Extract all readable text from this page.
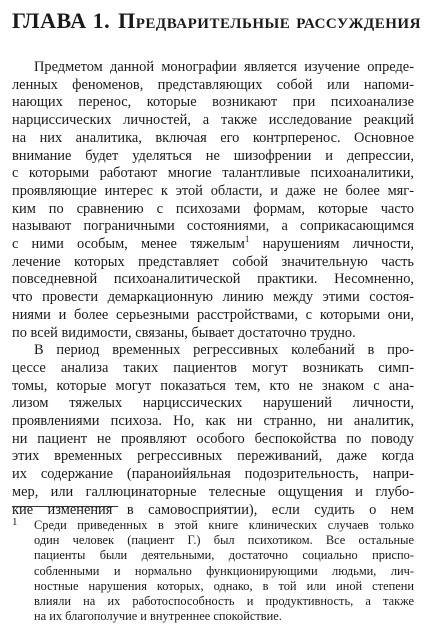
ГЛАВА 1. Предварительные рассуждения
Предметом данной монографии является изучение опреде-
ленных феноменов, представляющих собой или напоми-
нающих перенос, которые возникают при психоанализе
нарциссических личностей, а также исследование реакций
на них аналитика, включая его контрперенос. Основное
внимание будет уделяться не шизофрении и депрессии,
с которыми работают многие талантливые психоаналитики,
проявляющие интерес к этой области, и даже не более мяг-
ким по сравнению с психозами формам, которые часто
называют пограничными состояниями, а соприкасающимся
с ними особым, менее тяжелым$^1$ нарушениям личности,
лечение которых представляет собой значительную часть
повседневной психоаналитической практики. Несомненно,
что провести демаркационную линию между этими состоя-
ниями и более серьезными расстройствами, с которыми они,
по всей видимости, связаны, бывает достаточно трудно.
В период временных регрессивных колебаний в про-
цессе анализа таких пациентов могут возникать симп-
томы, которые могут показаться тем, кто не знаком с ана-
лизом тяжелых нарциссических нарушений личности,
проявлениями психоза. Но, как ни странно, ни аналитик,
ни пациент не проявляют особого беспокойства по поводу
этих временных регрессивных переживаний, даже когда
их содержание (параноийяльная подозрительность, напри-
мер, или галлюцинаторные телесные ощущения и глубо-
кие изменения в самовосприятии), если судить о нем
1 Среди приведенных в этой книге клинических случаев только
один человек (пациент Г.) был психотиком. Все остальные
пациенты были деятельными, достаточно социально приспо-
собленными и нормально функционирующими людьми, лич-
ностные нарушения которых, однако, в той или иной степени
влияли на их работоспособность и продуктивность, а также
на их благополучие и внутреннее спокойствие.
